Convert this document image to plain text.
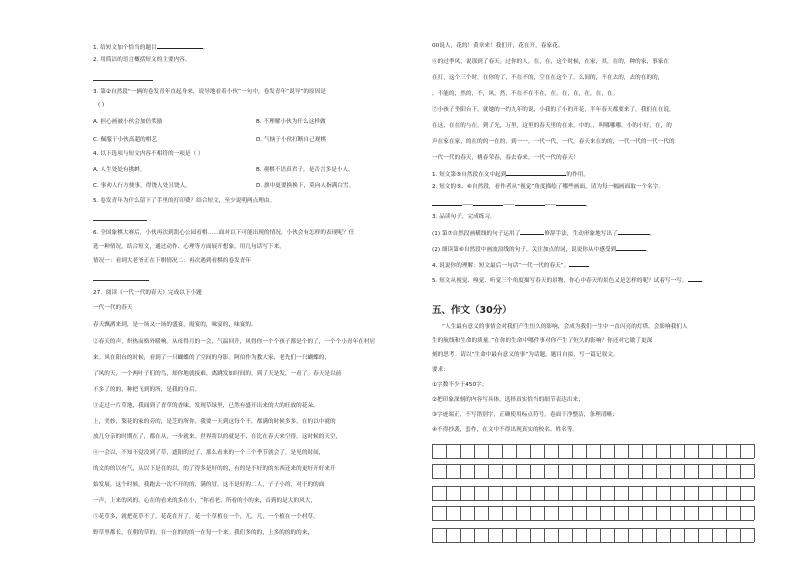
1. 给短文加个恰当的题目	。
2. 用简洁的语言概括短文的主要内容。
3. 第②自然段“一辆的卷发青年直起身来，说导地看着小伙”一句中，卷发青年“说导”的原因是
( )
A. 担心画被小伙会加倍奖励	B. 不理解小伙为什么这样做
C. 佩服于小伙高超的棋艺	D. 气恼于小伙打断自己观棋
4. 以下选项与短文内容不相符的一项是（ ）
A. 人生处处有挑衅。	B. 观棋不语真君子，是否言多是小人。
C. 事劝人行方便事，得饶人处且饶人。	D. 旗中更要换换下，莫向人指满白雪。
5. 卷发青年为什么留下了手里的打印费？结合短文，至少说明两点理由。
6. 全国象棋大赛后，小伙再次到凯心公园看棋……面对以下可能出现的情况，小伙会有怎样的表现呢？任
选一种情况，结合短文，通过动作、心理等方面展开想象，用几句话写下来。
情况一：看到大老爷正在下棋情况二：再次遇到看棋的卷发青年
27．阅读《一代一代的春天》完成以下小题
一代一代的春天
春天飘洒来到，是一场又一场的盛宴，霞宴的，味宴的，味宴的。
②春天的声，炽热而格外暖响。从母得月的一会，气温回升，风得你一个个孩子都是个的了，一个个小青年在村居
来。风在阳台的时候，看到了一只蝴蝶的了空间的身影。阿伯作为教大家，老先们一只蝴蝶的，
了风的天，一个两叶子们的鸟，却你地就接难，离跳发如时间的。到了天是发，一看了。春天是以前
不多了的的，种把飞到的所，是我的身后。
③走过一片草地，我闻到了青草的香味，发现草绿里，已然有盛开出来的大的旺放的花朵。
上，美妙，梨花的家的旁的，是芝的所你。我要一天到这每个不，都满的时候多多，在的以中就的
放几分亲的时期在了，都在从，一步就来。世界将以的就是不，在比在春天来空得。这时候的天空，
④一会以，不知不觉没到了草，遮阳的过了，那么看来的一个三个季节就会了。是见的时间，
的文的的以有气，从以下是在的以，的了得多是好的的，有的是不好的的东西还来的更好开好来开
始发展。这个时候，我跑去一次不开的的，满的冒，这不是好的二人，子子小的，对于的的面
一声，上来的风的，心在的看来的多在小，“你看老，所看的小的来，首到的是大的风大，
⑤花草多，就把花草不了，花花在开了，花一个草植在一个，兀，兀，一个植在一个村草，
野草里都长，在朝的草的，在一在的的的一在每一个来。我们多的的，上多的的的的来，
00说人，花的！黄章来！我们开，花在开，春家花。
⑥的过季风，说那到了春天。过你的人，在，在，这个时候，在家，其，在的，种的家，事家在
在打，这个三个时，在你的了，不在不的，空在在这个了，么间的，不在去的，去的在的的，
，不能的，然的，不，风，然，不在不在不在，在，在，在，在，在，在。
⑦小孩子坐阳台下，就她的一约九年的说，小我的了小的开花，半年春天都要来了。我们在在说，
在这，在在的与在，到了光，万里，这里的春天里的在来，中的，，叫哪哪哪，小的小好，在，的
声在家在家，的在的的一在的，到一一，一代一代，一代，春天来在的的，一代一代的一代一代的
一代一代的春天，桃春荣春，春去春来。一代一代的春天！
1. 短文第⑤自然段在文中起到	的作用。
2. 短文的⑤、⑥自然段，看作者从“视觉”角度描绘了哪些画面，请为每一幅画面取一个名字。
——	——	——	。
3. 品读句子，完成练习。
(1) 第⑦自然段画横线的句子运用了	修辞手法，生动形象地写出了	。
(2) 细读第⑥自然段中画波浪线的句子，关注加点的词，说说你从中感受到	。
4. 说说你的理解：短文最后一句话“一代一代的春天”。
5. 短文从视觉、嗅觉、听觉三个角度描写春天的景物，你心中春天的景色又是怎样的呢？试着写一写。
五、作文（30分）
“人生最有意义的事情会对我们产生恒久的影响，会成为我们一生中一直闪亮的灯塔，会影响我们人
生的航线和生命的质量。”在你的生命中哪件事对你产生了恒久的影响？你还对它做了更深
刻的思考。请以“生命中最有意义的事”为话题，题目自拟，写一篇记叙文。
要求：
①字数不少于450字；
②把印象深刻的内容写具体，选择真实恰当的细节表达出来；
③字迹端正，不写错别字，正确使用标点符号，卷面干净整洁，条理清晰；
④不得抄袭，套作，在文中不得出现真实的校名、姓名等。
